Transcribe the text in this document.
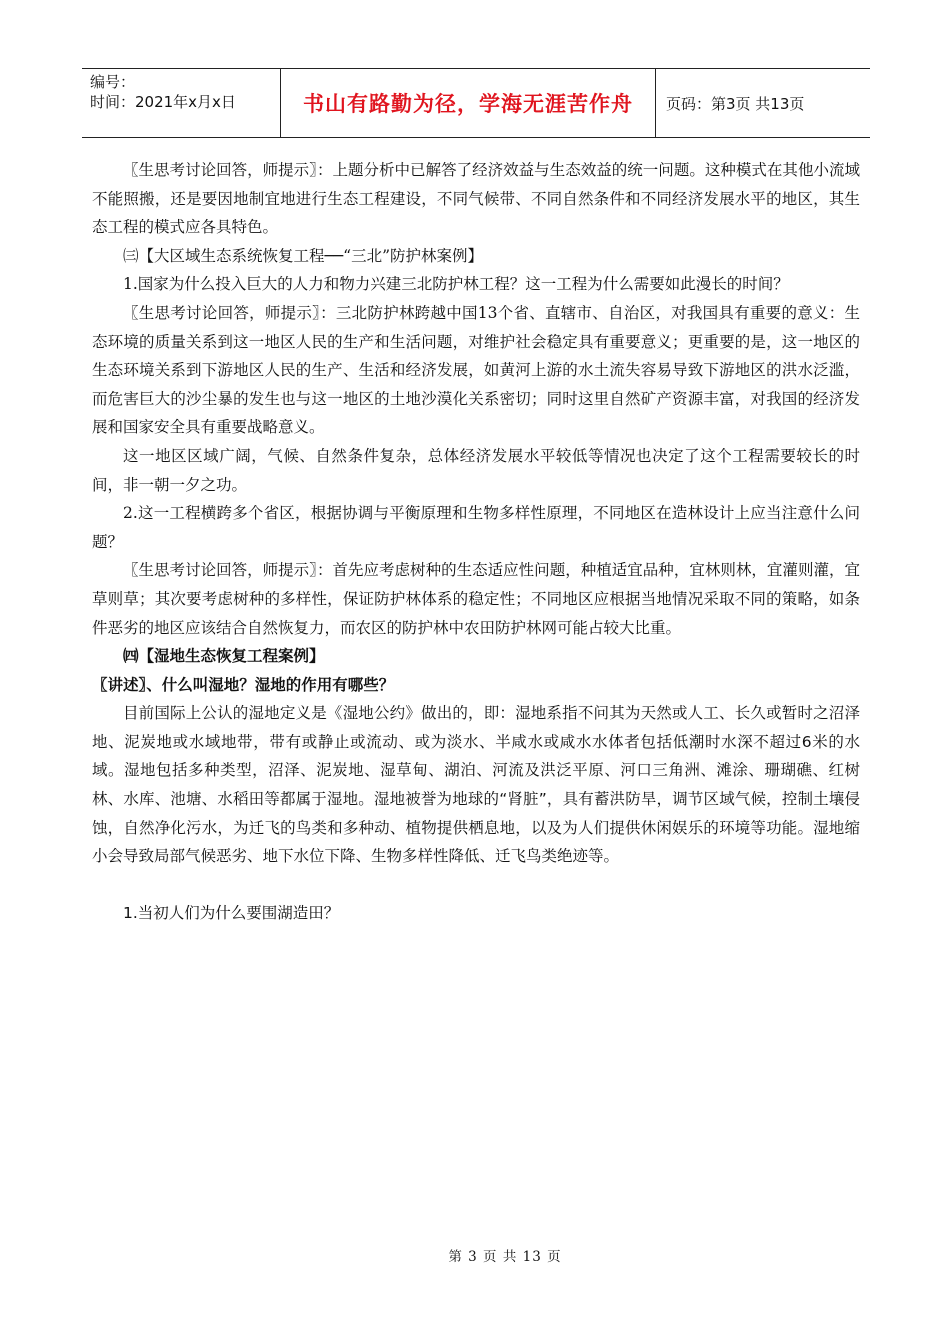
编号：
时间：2021年x月x日	书山有路勤为径，学海无涯苦作舟	页码：第3页 共13页

〖生思考讨论回答，师提示〗：上题分析中已解答了经济效益与生态效益的统一问题。这种模式在其他小流域不能照搬，还是要因地制宜地进行生态工程建设，不同气候带、不同自然条件和不同经济发展水平的地区，其生态工程的模式应各具特色。

㈢【大区域生态系统恢复工程──“三北”防护林案例】

1.国家为什么投入巨大的人力和物力兴建三北防护林工程？这一工程为什么需要如此漫长的时间？

〖生思考讨论回答，师提示〗：三北防护林跨越中国13个省、直辖市、自治区，对我国具有重要的意义：生态环境的质量关系到这一地区人民的生产和生活问题，对维护社会稳定具有重要意义；更重要的是，这一地区的生态环境关系到下游地区人民的生产、生活和经济发展，如黄河上游的水土流失容易导致下游地区的洪水泛滥，而危害巨大的沙尘暴的发生也与这一地区的土地沙漠化关系密切；同时这里自然矿产资源丰富，对我国的经济发展和国家安全具有重要战略意义。

这一地区区域广阔，气候、自然条件复杂，总体经济发展水平较低等情况也决定了这个工程需要较长的时间，非一朝一夕之功。

2.这一工程横跨多个省区，根据协调与平衡原理和生物多样性原理，不同地区在造林设计上应当注意什么问题？

〖生思考讨论回答，师提示〗：首先应考虑树种的生态适应性问题，种植适宜品种，宜林则林，宜灌则灌，宜草则草；其次要考虑树种的多样性，保证防护林体系的稳定性；不同地区应根据当地情况采取不同的策略，如条件恶劣的地区应该结合自然恢复力，而农区的防护林中农田防护林网可能占较大比重。

㈣【湿地生态恢复工程案例】

〖讲述〗、什么叫湿地？湿地的作用有哪些？

目前国际上公认的湿地定义是《湿地公约》做出的，即：湿地系指不问其为天然或人工、长久或暂时之沼泽地、泥炭地或水域地带，带有或静止或流动、或为淡水、半咸水或咸水水体者包括低潮时水深不超过6米的水域。湿地包括多种类型，沼泽、泥炭地、湿草甸、湖泊、河流及洪泛平原、河口三角洲、滩涂、珊瑚礁、红树林、水库、池塘、水稻田等都属于湿地。湿地被誉为地球的“肾脏”，具有蓄洪防旱，调节区域气候，控制土壤侵蚀，自然净化污水，为迁飞的鸟类和多种动、植物提供栖息地，以及为人们提供休闲娱乐的环境等功能。湿地缩小会导致局部气候恶劣、地下水位下降、生物多样性降低、迁飞鸟类绝迹等。

1.当初人们为什么要围湖造田？

第 3 页 共 13 页
